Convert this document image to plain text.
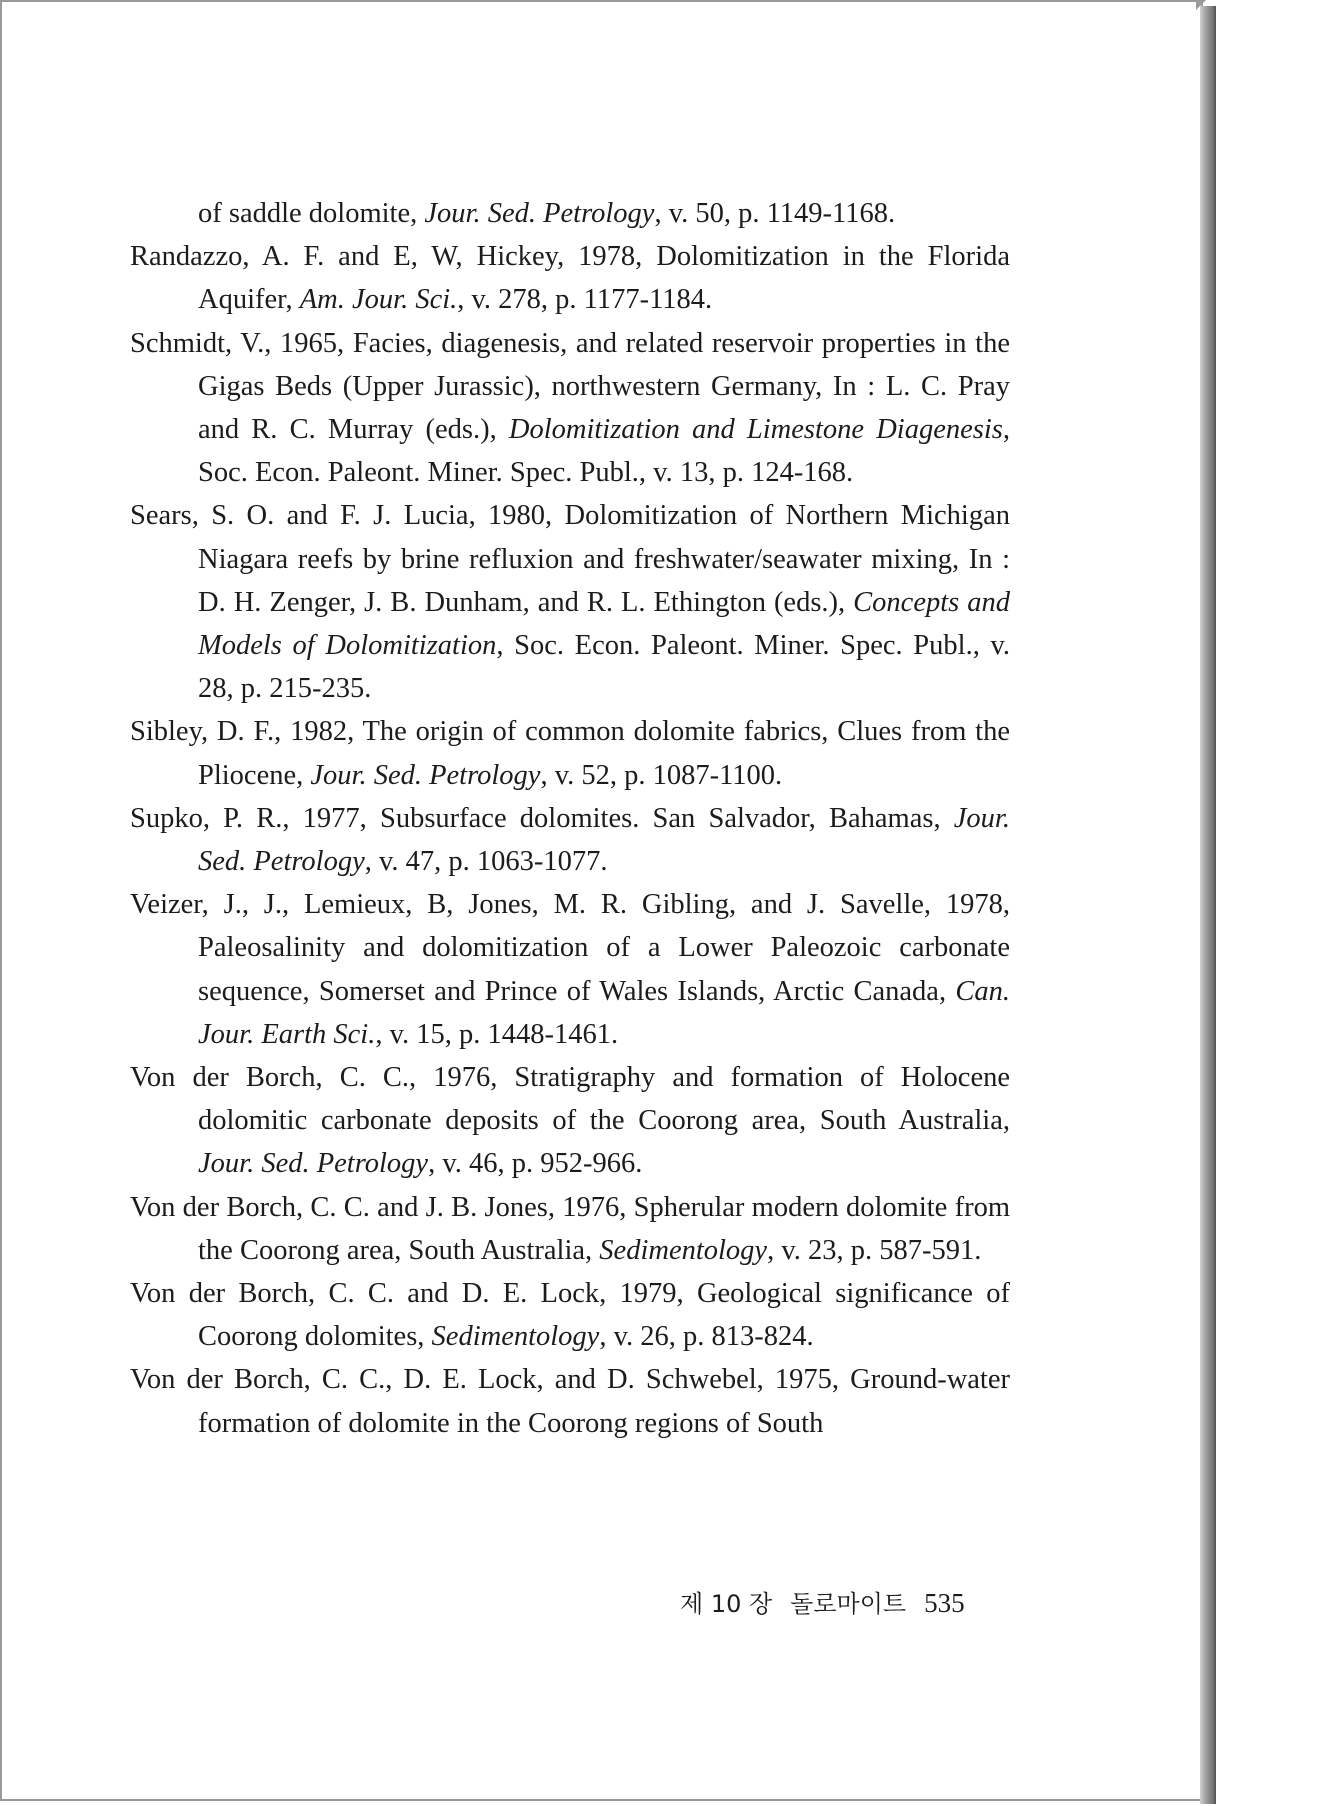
of saddle dolomite, Jour. Sed. Petrology, v. 50, p. 1149-1168.

Randazzo, A. F. and E, W, Hickey, 1978, Dolomitization in the Florida Aquifer, Am. Jour. Sci., v. 278, p. 1177-1184.

Schmidt, V., 1965, Facies, diagenesis, and related reservoir properties in the Gigas Beds (Upper Jurassic), northwestern Germany, In : L. C. Pray and R. C. Murray (eds.), Dolomitization and Limestone Diagenesis, Soc. Econ. Paleont. Miner. Spec. Publ., v. 13, p. 124-168.

Sears, S. O. and F. J. Lucia, 1980, Dolomitization of Northern Michigan Niagara reefs by brine refluxion and freshwater/seawater mixing, In : D. H. Zenger, J. B. Dunham, and R. L. Ethington (eds.), Concepts and Models of Dolomitization, Soc. Econ. Paleont. Miner. Spec. Publ., v. 28, p. 215-235.

Sibley, D. F., 1982, The origin of common dolomite fabrics, Clues from the Pliocene, Jour. Sed. Petrology, v. 52, p. 1087-1100.

Supko, P. R., 1977, Subsurface dolomites. San Salvador, Bahamas, Jour. Sed. Petrology, v. 47, p. 1063-1077.

Veizer, J., J., Lemieux, B, Jones, M. R. Gibling, and J. Savelle, 1978, Paleosalinity and dolomitization of a Lower Paleozoic carbonate sequence, Somerset and Prince of Wales Islands, Arctic Canada, Can. Jour. Earth Sci., v. 15, p. 1448-1461.

Von der Borch, C. C., 1976, Stratigraphy and formation of Holocene dolomitic carbonate deposits of the Coorong area, South Australia, Jour. Sed. Petrology, v. 46, p. 952-966.

Von der Borch, C. C. and J. B. Jones, 1976, Spherular modern dolomite from the Coorong area, South Australia, Sedimentology, v. 23, p. 587-591.

Von der Borch, C. C. and D. E. Lock, 1979, Geological significance of Coorong dolomites, Sedimentology, v. 26, p. 813-824.

Von der Borch, C. C., D. E. Lock, and D. Schwebel, 1975, Ground-water formation of dolomite in the Coorong regions of South

제 10 장 돌로마이트 535
